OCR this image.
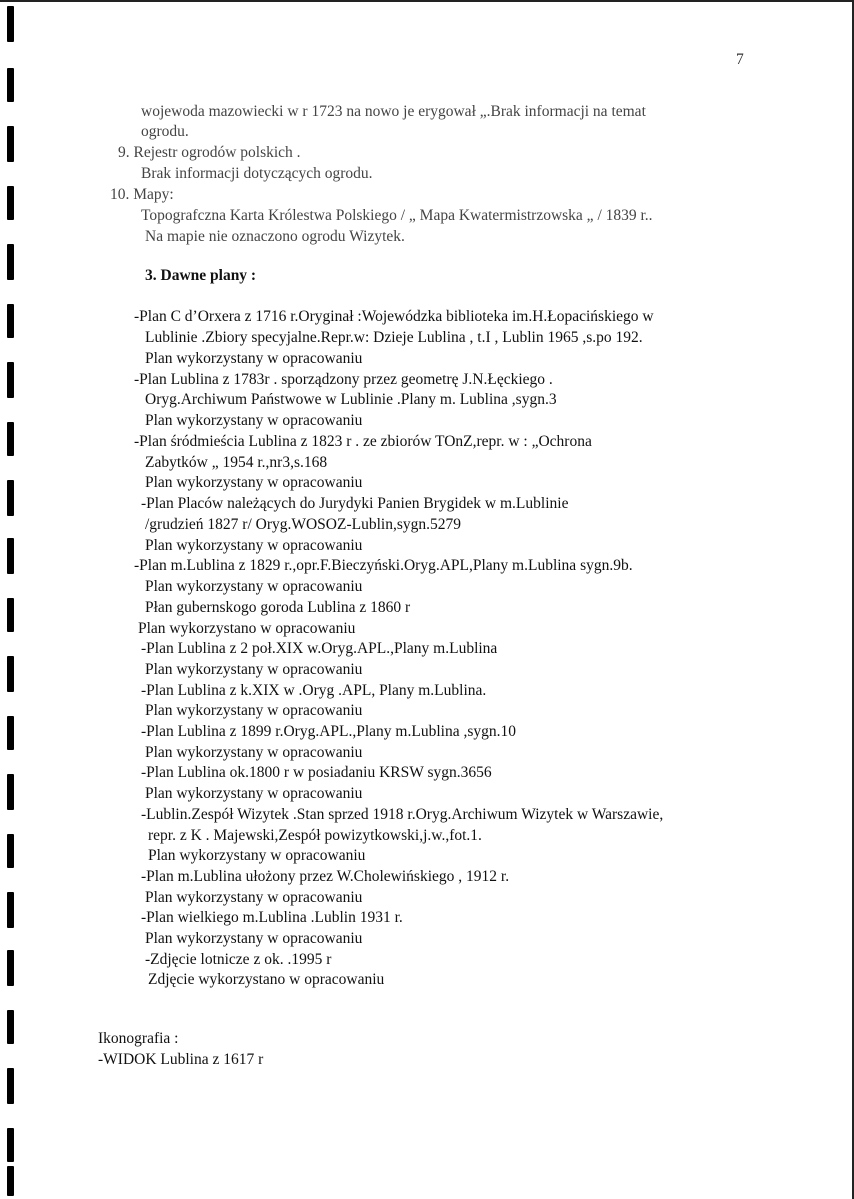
7
wojewoda mazowiecki w r 1723 na nowo je erygował „.Brak informacji na temat
ogrodu.
9. Rejestr ogrodów polskich .
Brak informacji dotyczących ogrodu.
10. Mapy:
Topografczna Karta Królestwa Polskiego / „ Mapa Kwatermistrzowska „ / 1839 r..
Na mapie nie oznaczono ogrodu Wizytek.
3. Dawne plany :
-Plan C d’Orxera z 1716 r.Oryginał :Wojewódzka biblioteka im.H.Łopacińskiego w
Lublinie .Zbiory specyjalne.Repr.w: Dzieje Lublina , t.I , Lublin 1965 ,s.po 192.
Plan wykorzystany w opracowaniu
-Plan Lublina z 1783r . sporządzony przez geometrę J.N.Łęckiego .
Oryg.Archiwum Państwowe w Lublinie .Plany m. Lublina ,sygn.3
Plan wykorzystany w opracowaniu
-Plan śródmieścia Lublina z 1823 r . ze zbiorów TOnZ,repr. w : „Ochrona
Zabytków „ 1954 r.,nr3,s.168
Plan wykorzystany w opracowaniu
-Plan Placów należących do Jurydyki Panien Brygidek w m.Lublinie
/grudzień 1827 r/ Oryg.WOSOZ-Lublin,sygn.5279
Plan wykorzystany w opracowaniu
-Plan m.Lublina z 1829 r.,opr.F.Bieczyński.Oryg.APL,Plany m.Lublina sygn.9b.
Plan wykorzystany w opracowaniu
Płan gubernskogo goroda Lublina z 1860 r
Plan wykorzystano w opracowaniu
-Plan Lublina z 2 poł.XIX w.Oryg.APL.,Plany m.Lublina
Plan wykorzystany w opracowaniu
-Plan Lublina z k.XIX w .Oryg .APL, Plany m.Lublina.
Plan wykorzystany w opracowaniu
-Plan Lublina z 1899 r.Oryg.APL.,Plany m.Lublina ,sygn.10
Plan wykorzystany w opracowaniu
-Plan Lublina ok.1800 r w posiadaniu KRSW sygn.3656
Plan wykorzystany w opracowaniu
-Lublin.Zespół Wizytek .Stan sprzed 1918 r.Oryg.Archiwum Wizytek w Warszawie,
repr. z K . Majewski,Zespół powizytkowski,j.w.,fot.1.
Plan wykorzystany w opracowaniu
-Plan m.Lublina ułożony przez W.Cholewińskiego , 1912 r.
Plan wykorzystany w opracowaniu
-Plan wielkiego m.Lublina .Lublin 1931 r.
Plan wykorzystany w opracowaniu
-Zdjęcie lotnicze z ok. .1995 r
Zdjęcie wykorzystano w opracowaniu
Ikonografia :
-WIDOK Lublina z 1617 r
